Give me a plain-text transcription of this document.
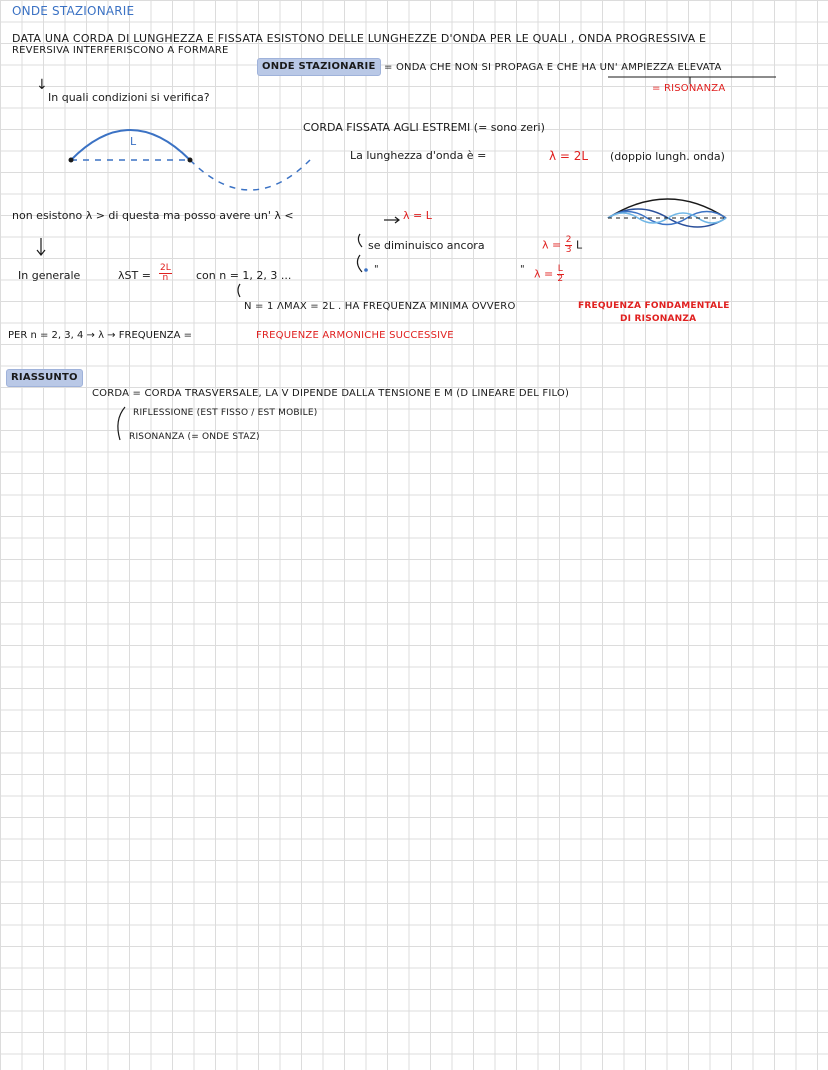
ONDE STAZIONARIE
DATA UNA CORDA DI LUNGHEZZA E FISSATA ESISTONO DELLE LUNGHEZZE D'ONDA PER LE QUALI , ONDA PROGRESSIVA E
REVERSIVA INTERFERISCONO A FORMARE
ONDE STAZIONARIE = ONDA CHE NON SI PROPAGA E CHE HA UN' AMPIEZZA ELEVATA
= RISONANZA
↓
In quali condizioni si verifica?
L
CORDA FISSATA AGLI ESTREMI (= sono zeri)
La lunghezza d'onda è =	λ = 2L (doppio lungh. onda)
non esistono λ > di questa ma posso avere un' λ <	λ = L
se diminuisco ancora	$\lambda = \frac{2}{3}$ L
"	" $\lambda = \frac{L}{2}$
In generale	$\lambda ST = \frac{2L}{n}$ con n = 1, 2, 3 ...
N = 1 ΛMAX = 2L . HA FREQUENZA MINIMA OVVERO	FREQUENZA FONDAMENTALE
DI RISONANZA
PER n = 2, 3, 4 → λ → FREQUENZA =	FREQUENZE ARMONICHE SUCCESSIVE
RIASSUNTO
CORDA = CORDA TRASVERSALE, LA V DIPENDE DALLA TENSIONE E Μ (D LINEARE DEL FILO)
RIFLESSIONE (EST FISSO / EST MOBILE)
RISONANZA (= ONDE STAZ)
